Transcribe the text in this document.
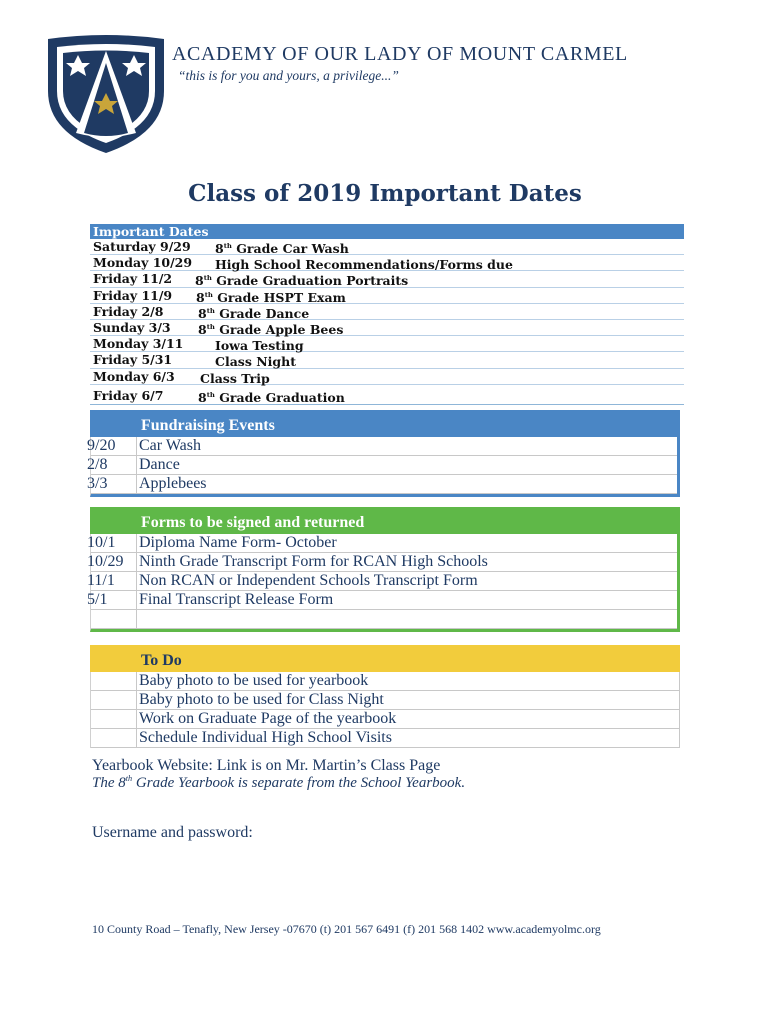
ACADEMY OF OUR LADY OF MOUNT CARMEL
“this is for you and yours, a privilege...”
Class of 2019 Important Dates
Important Dates
Saturday 9/29 8th Grade Car Wash
Monday 10/29 High School Recommendations/Forms due
Friday 11/2 8th Grade Graduation Portraits
Friday 11/9 8th Grade HSPT Exam
Friday 2/8	8th Grade Dance
Sunday 3/3 8th Grade Apple Bees
Monday 3/11	Iowa Testing
Friday 5/31	Class Night
Monday 6/3 Class Trip
Friday 6/7	8th Grade Graduation
Fundraising Events
9/20	Car Wash
2/8	Dance
3/3	Applebees
Forms to be signed and returned
10/1	Diploma Name Form- October
10/29 Ninth Grade Transcript Form for RCAN High Schools
11/1	Non RCAN or Independent Schools Transcript Form
5/1	Final Transcript Release Form
To Do
Baby photo to be used for yearbook
Baby photo to be used for Class Night
Work on Graduate Page of the yearbook
Schedule Individual High School Visits
Yearbook Website: Link is on Mr. Martin’s Class Page
The 8th Grade Yearbook is separate from the School Yearbook.
Username and password:
10 County Road – Tenafly, New Jersey -07670 (t) 201 567 6491 (f) 201 568 1402 www.academyolmc.org
